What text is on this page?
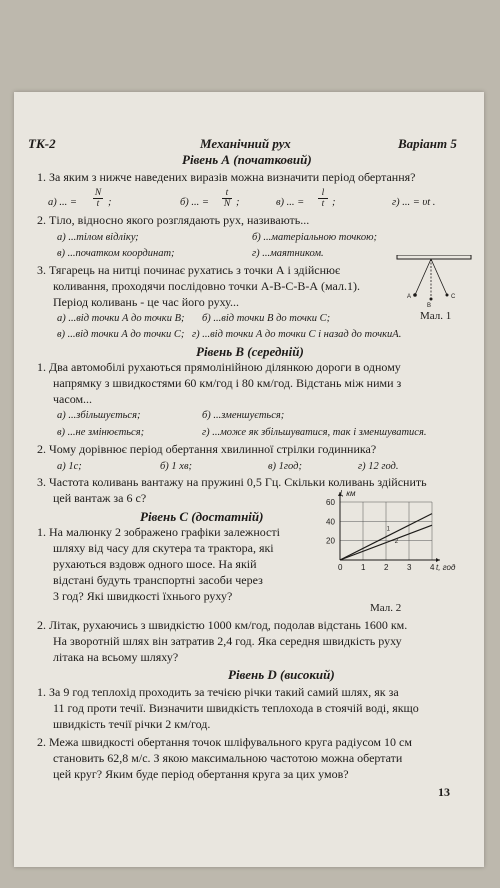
ТК-2	Механічний рух	Варіант 5
Рівень А (початковий)
1. За яким з нижче наведених виразів можна визначити період обертання?
а) ... = $\frac{N}{t}$ ;	б) ... = $\frac{t}{N}$ ;	в) ... = $\frac{l}{t}$ ;	г) ... = υt .
2. Тіло, відносно якого розглядають рух, називають...
а) ...тілом відліку;	б) ...матеріальною точкою;
в) ...початком координат;	г) ...маятником.
3. Тягарець на нитці починає рухатись з точки А і здійснює
коливання, проходячи послідовно точки А-В-С-В-А (мал.1).
Період коливань - це час його руху...
а) ...від точки А до точки В; б) ...від точки В до точки С;
в) ...від точки А до точки С; г) ...від точки А до точки С і назад до точкиА.
A
B
C
Мал. 1
Рівень В (середній)
1. Два автомобілі рухаються прямолінійною ділянкою дороги в одному
напрямку з швидкостями 60 км/год і 80 км/год. Відстань між ними з
часом...
а) ...збільшується;	б) ...зменшується;
в) ...не змінюється;	г) ...може як збільшуватися, так і зменшуватися.
2. Чому дорівнює період обертання хвилинної стрілки годинника?
а) 1с;	б) 1 хв;	в) 1год;	г) 12 год.
3. Частота коливань вантажу на пружині 0,5 Гц. Скільки коливань здійснить
цей вантаж за 6 с?
Рівень С (достатній)
1. На малюнку 2 зображено графіки залежності
шляху від часу для скутера та трактора, які
рухаються вздовж одного шосе. На якій
відстані будуть транспортні засоби через
3 год? Які швидкості їхнього руху?
1
2
0 1 2 3 4
20
40
60
l, км
t, год
Мал. 2
2. Літак, рухаючись з швидкістю 1000 км/год, подолав відстань 1600 км.
На зворотній шлях він затратив 2,4 год. Яка середня швидкість руху
літака на всьому шляху?
Рівень D (високий)
1. За 9 год теплохід проходить за течією річки такий самий шлях, як за
11 год проти течії. Визначити швидкість теплохода в стоячій воді, якщо
швидкість течії річки 2 км/год.
2. Межа швидкості обертання точок шліфувального круга радіусом 10 см
становить 62,8 м/с. З якою максимальною частотою можна обертати
цей круг? Яким буде період обертання круга за цих умов?
13
